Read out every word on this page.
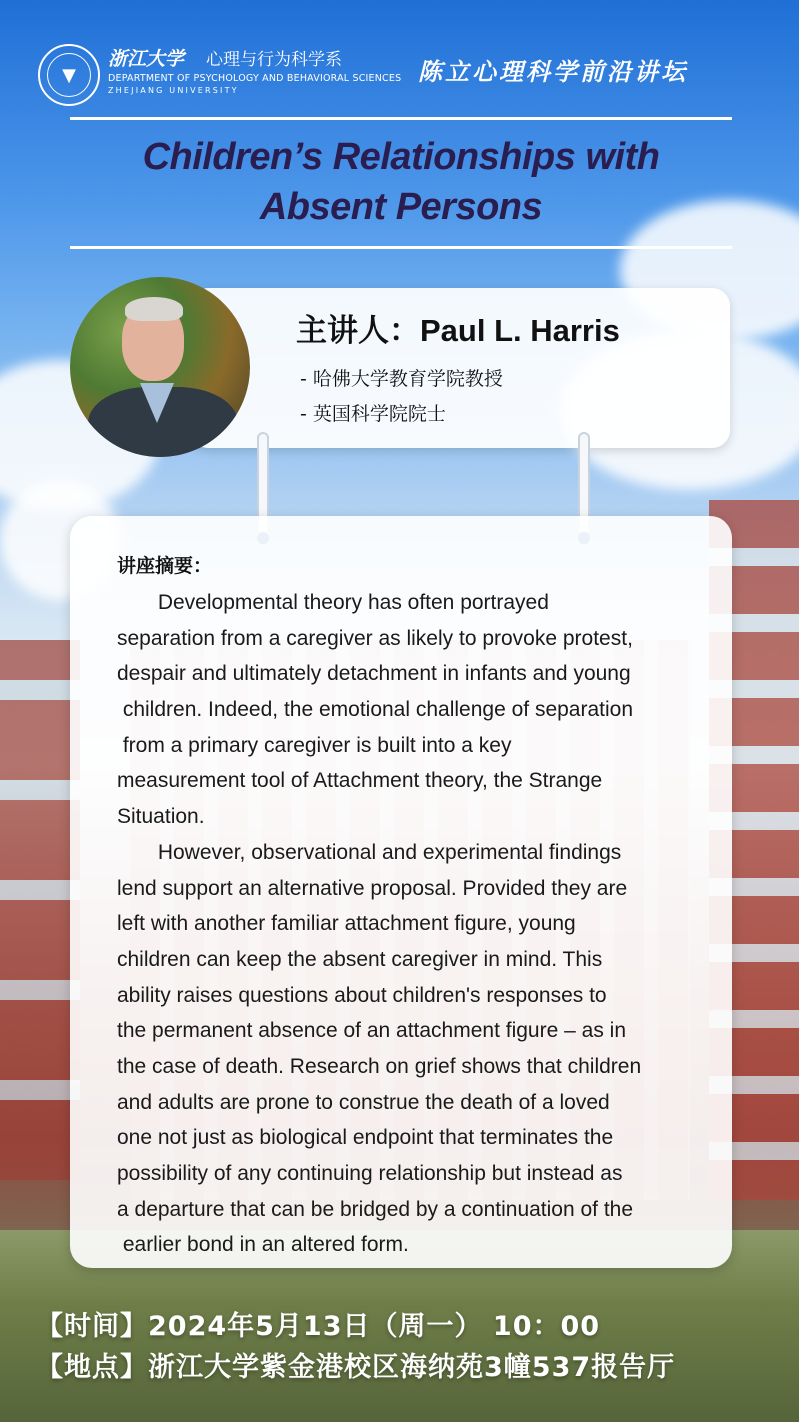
▼
浙江大学 心理与行为科学系
DEPARTMENT OF PSYCHOLOGY AND BEHAVIORAL SCIENCES
ZHEJIANG UNIVERSITY
陈立心理科学前沿讲坛
Children’s Relationships with
Absent Persons
主讲人：Paul L. Harris
- 哈佛大学教育学院教授
- 英国科学院院士
讲座摘要：
Developmental theory has often portrayed
separation from a caregiver as likely to provoke protest,
despair and ultimately detachment in infants and young
children. Indeed, the emotional challenge of separation
from a primary caregiver is built into a key
measurement tool of Attachment theory, the Strange
Situation.
However, observational and experimental findings
lend support an alternative proposal. Provided they are
left with another familiar attachment figure, young
children can keep the absent caregiver in mind. This
ability raises questions about children's responses to
the permanent absence of an attachment figure – as in
the case of death. Research on grief shows that children
and adults are prone to construe the death of a loved
one not just as biological endpoint that terminates the
possibility of any continuing relationship but instead as
a departure that can be bridged by a continuation of the
earlier bond in an altered form.
【时间】2024年5月13日（周一） 10：00
【地点】浙江大学紫金港校区海纳苑3幢537报告厅
